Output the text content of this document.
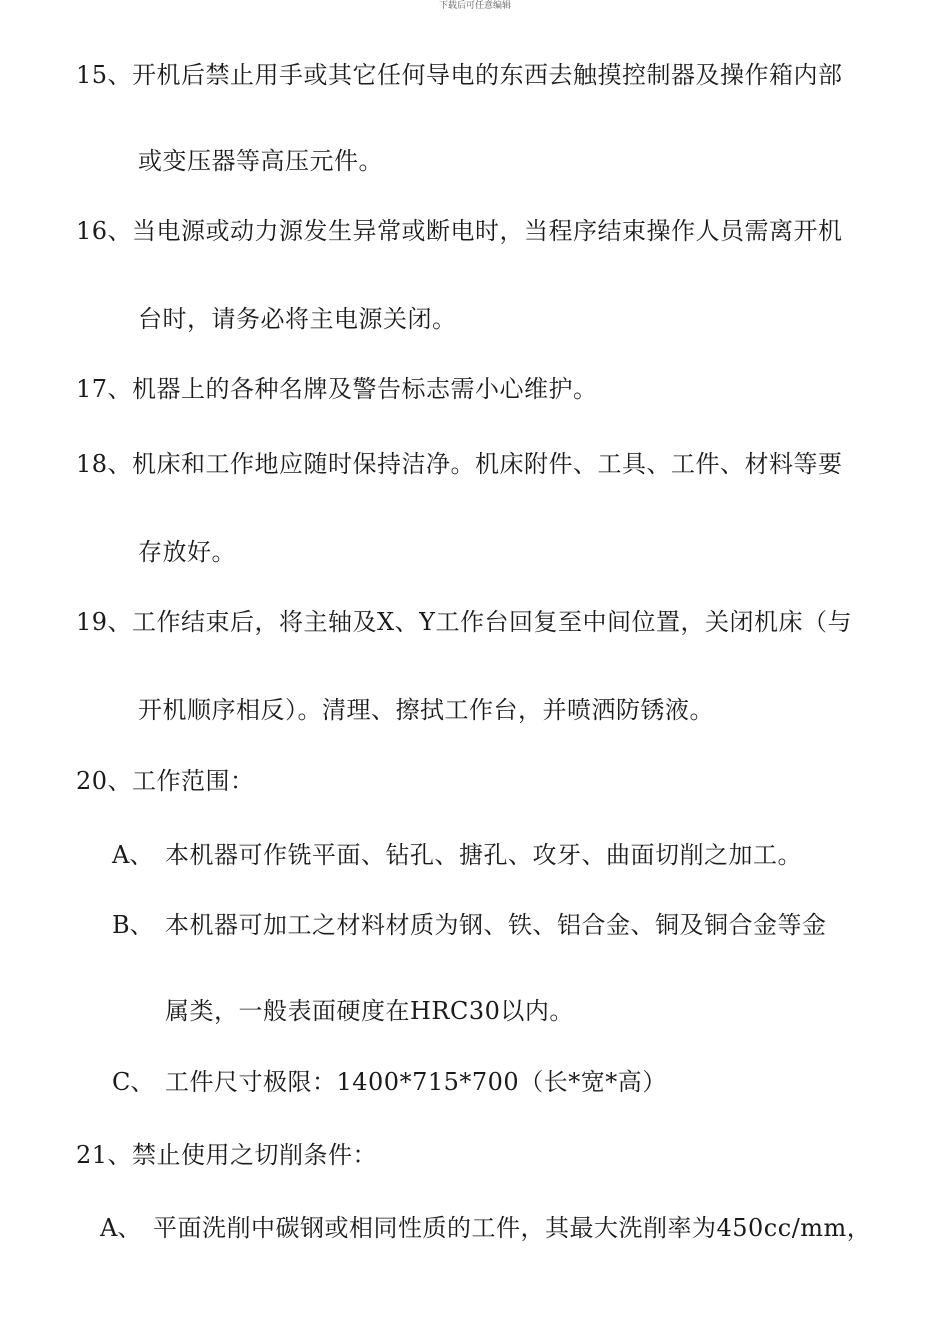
下载后可任意编辑
15、开机后禁止用手或其它任何导电的东西去触摸控制器及操作箱内部
或变压器等高压元件。
16、当电源或动力源发生异常或断电时，当程序结束操作人员需离开机
台时，请务必将主电源关闭。
17、机器上的各种名牌及警告标志需小心维护。
18、机床和工作地应随时保持洁净。机床附件、工具、工件、材料等要
存放好。
19、工作结束后，将主轴及X、Y工作台回复至中间位置，关闭机床（与
开机顺序相反）。清理、擦拭工作台，并喷洒防锈液。
20、工作范围：
A、 本机器可作铣平面、钻孔、搪孔、攻牙、曲面切削之加工。
B、 本机器可加工之材料材质为钢、铁、铝合金、铜及铜合金等金
属类，一般表面硬度在HRC30以内。
C、 工件尺寸极限：1400*715*700（长*宽*高）
21、禁止使用之切削条件：
A、 平面洗削中碳钢或相同性质的工件，其最大洗削率为450cc/mm，
